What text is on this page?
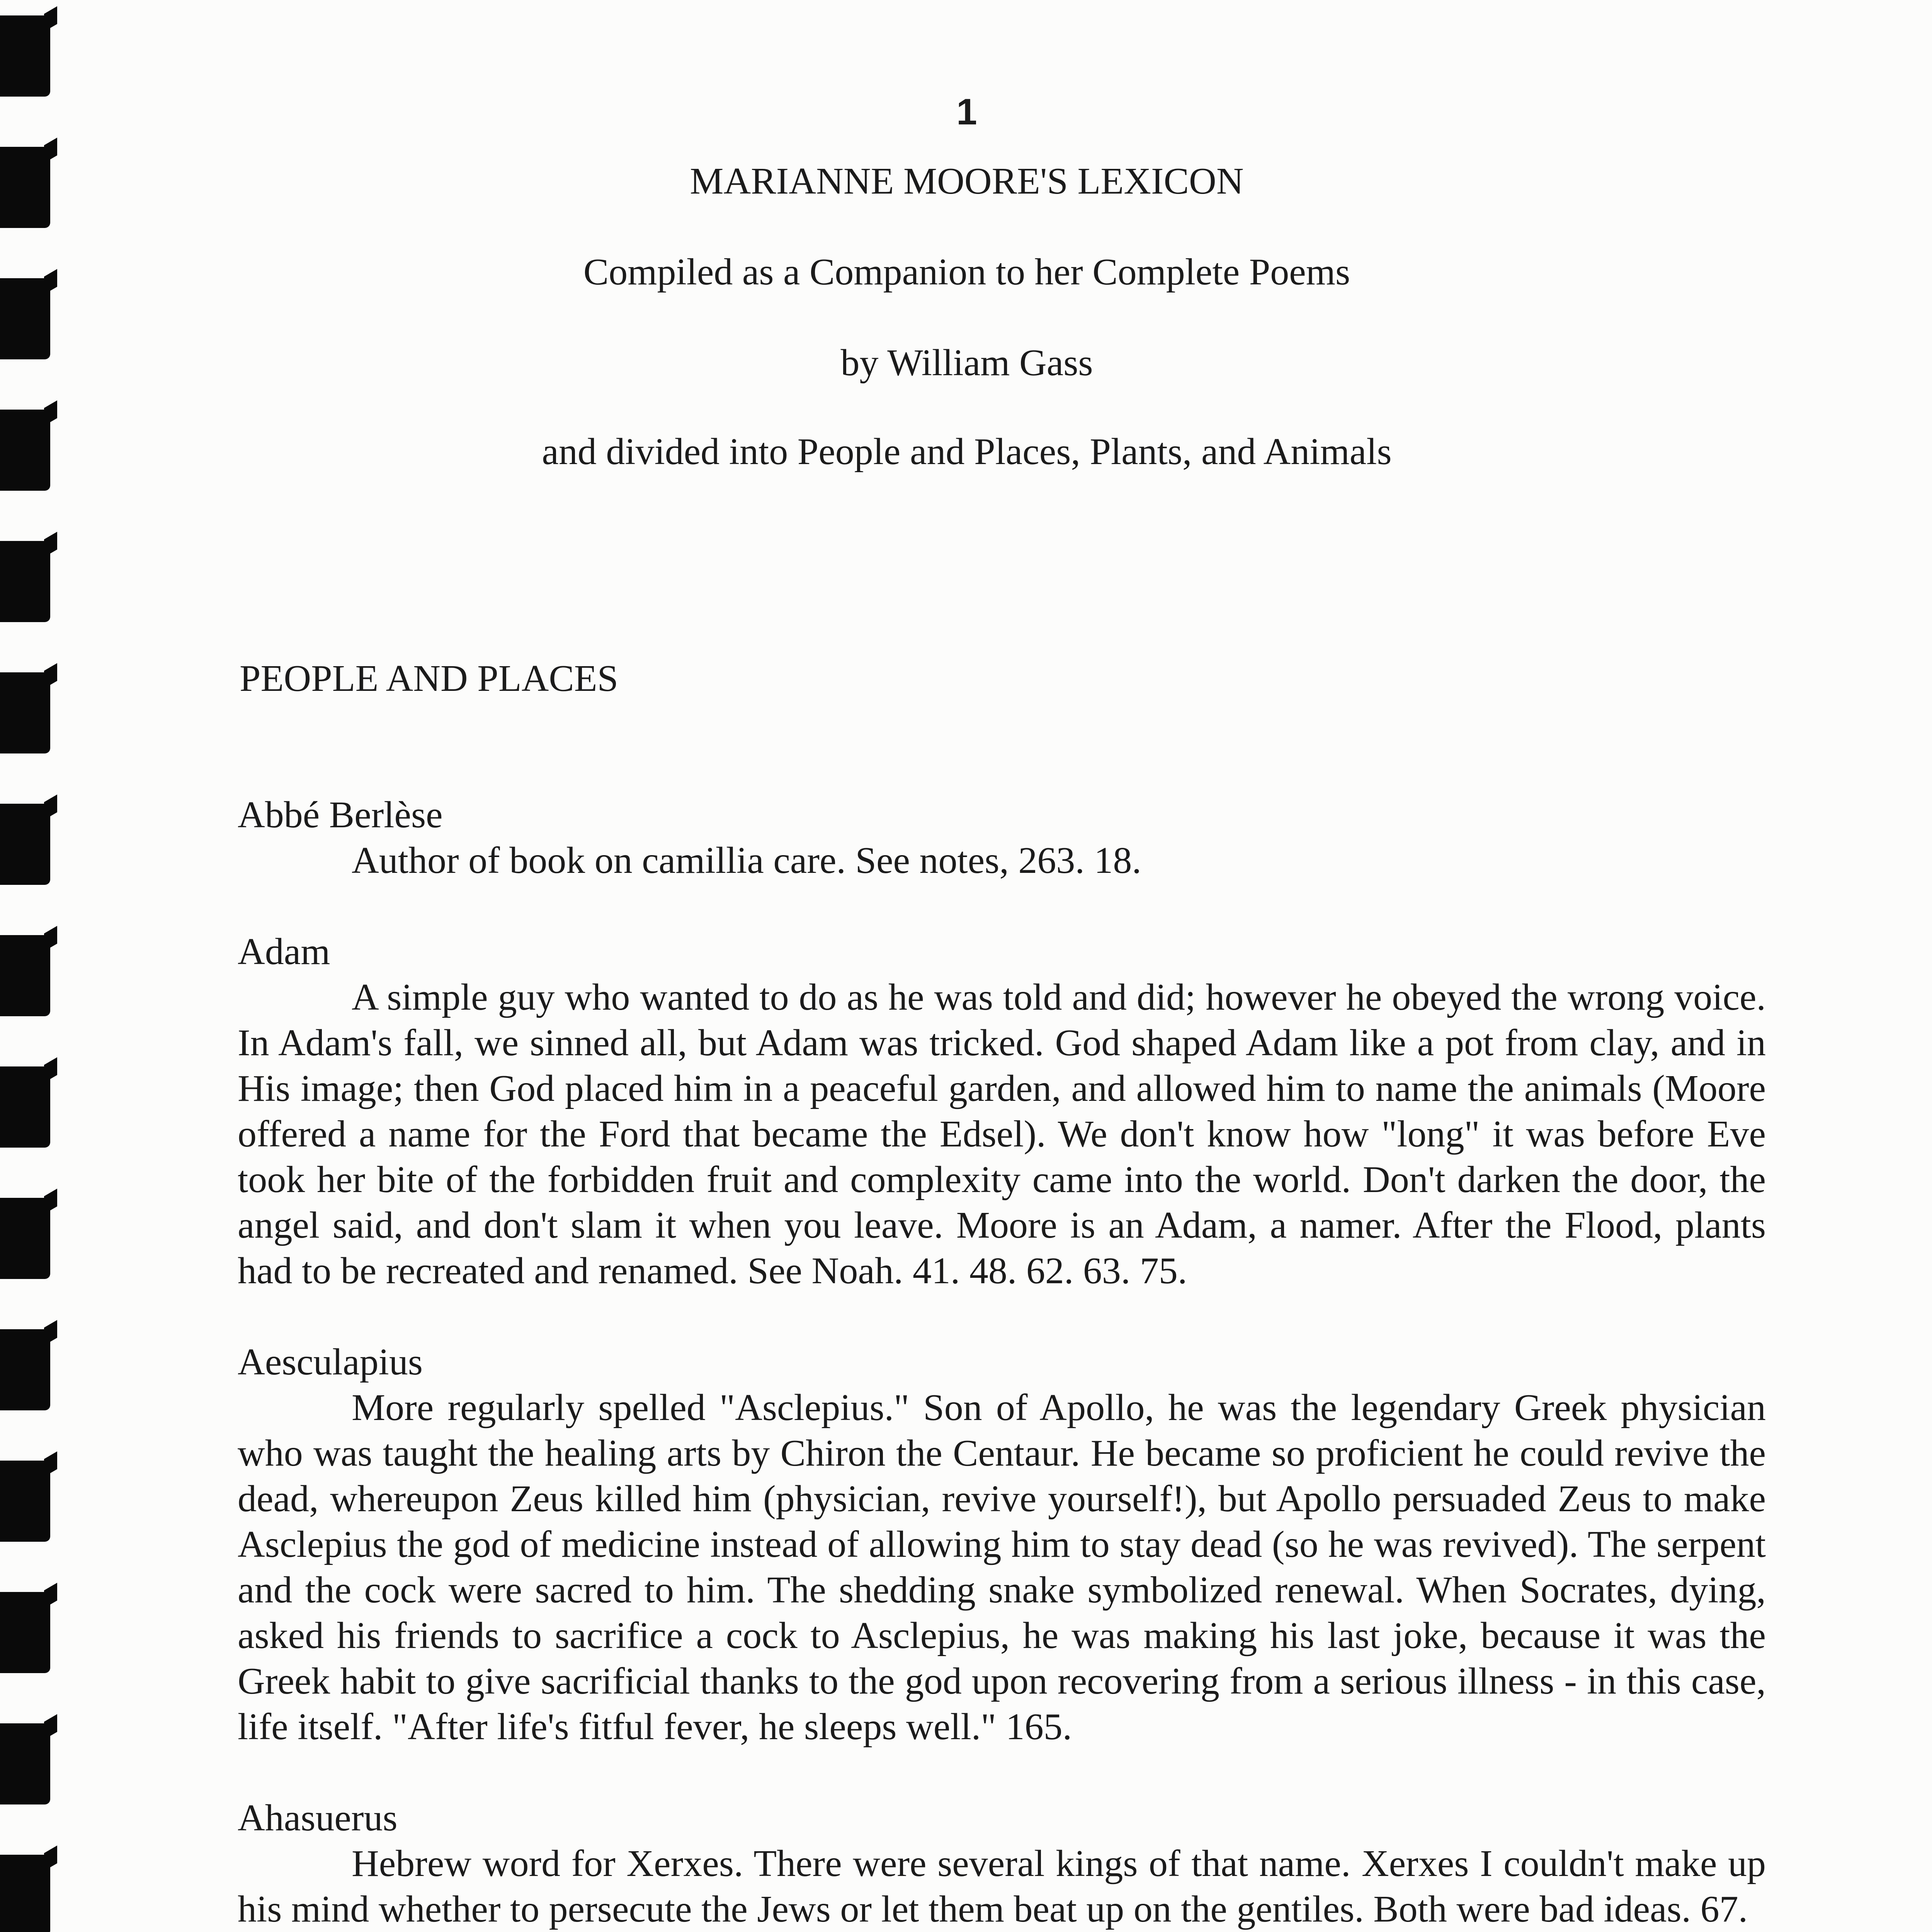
1
MARIANNE MOORE'S LEXICON
Compiled as a Companion to her Complete Poems
by William Gass
and divided into People and Places, Plants, and Animals
PEOPLE AND PLACES
Abbé Berlèse
Author of book on camillia care. See notes, 263. 18.
Adam
A simple guy who wanted to do as he was told and did; however he obeyed the wrong voice. In Adam's fall, we sinned all, but Adam was tricked. God shaped Adam like a pot from clay, and in His image; then God placed him in a peaceful garden, and allowed him to name the animals (Moore offered a name for the Ford that became the Edsel). We don't know how "long" it was before Eve took her bite of the forbidden fruit and complexity came into the world. Don't darken the door, the angel said, and don't slam it when you leave. Moore is an Adam, a namer. After the Flood, plants had to be recreated and renamed. See Noah. 41. 48. 62. 63. 75.
Aesculapius
More regularly spelled "Asclepius." Son of Apollo, he was the legendary Greek physician who was taught the healing arts by Chiron the Centaur. He became so proficient he could revive the dead, whereupon Zeus killed him (physician, revive yourself!), but Apollo persuaded Zeus to make Asclepius the god of medicine instead of allowing him to stay dead (so he was revived). The serpent and the cock were sacred to him. The shedding snake symbolized renewal. When Socrates, dying, asked his friends to sacrifice a cock to Asclepius, he was making his last joke, because it was the Greek habit to give sacrificial thanks to the god upon recovering from a serious illness - in this case, life itself. "After life's fitful fever, he sleeps well." 165.
Ahasuerus
Hebrew word for Xerxes. There were several kings of that name. Xerxes I couldn't make up his mind whether to persecute the Jews or let them beat up on the gentiles. Both were bad ideas. 67.
